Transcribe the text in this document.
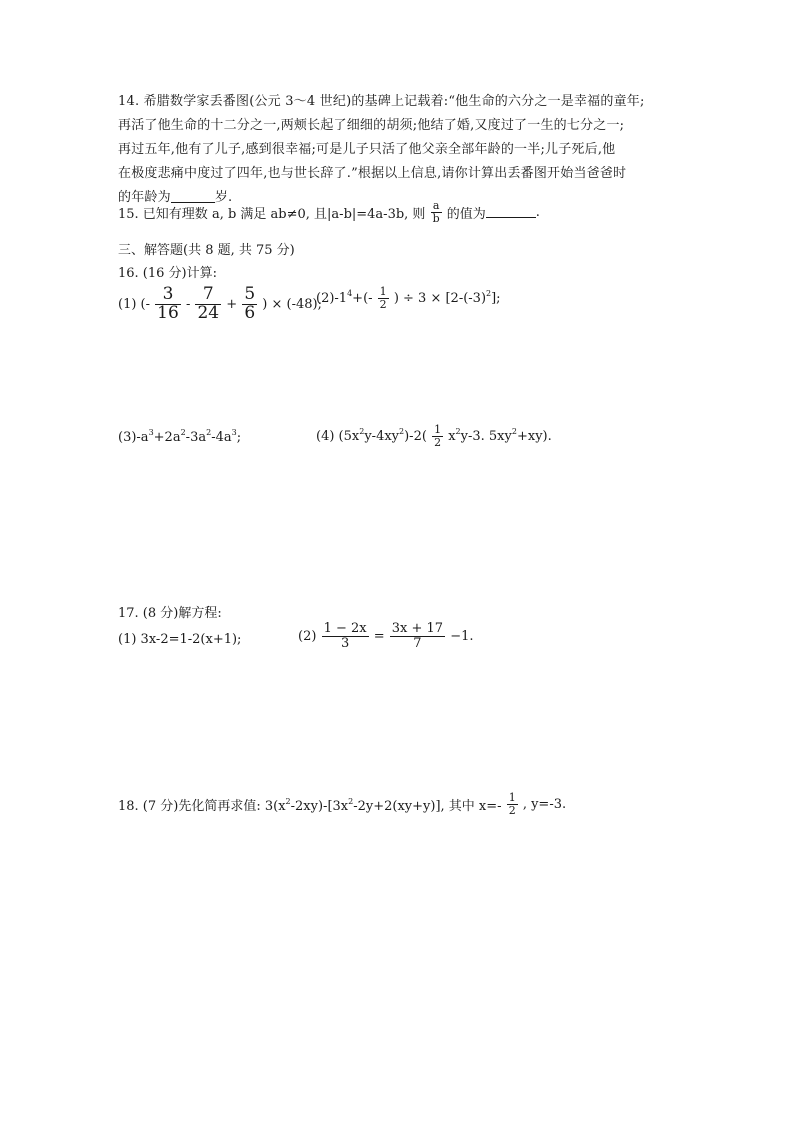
14. 希腊数学家丢番图(公元 3～4 世纪)的基碑上记载着:“他生命的六分之一是幸福的童年;
再活了他生命的十二分之一,两颊长起了细细的胡须;他结了婚,又度过了一生的七分之一;
再过五年,他有了儿子,感到很幸福;可是儿子只活了他父亲全部年龄的一半;儿子死后,他
在极度悲痛中度过了四年,也与世长辞了.”根据以上信息,请你计算出丢番图开始当爸爸时
的年龄为	岁.
15. 已知有理数 a, b 满足 ab≠0, 且|a-b|=4a-3b, 则 $\frac{a}{b}$ 的值为	.
三、解答题(共 8 题, 共 75 分)
16. (16 分)计算:
(1) (- $\frac{3}{16} - \frac{7}{24} + \frac{5}{6}$ ) × (-48);
$(2)-1^4+(- \frac{1}{2}$ ) ÷ $3 \times [2-(-3)^2]$;
$(3)-a^3+2a^2-3a^2-4a^3$;	(4) $(5x^2y-4xy^2)-2( \frac{1}{2} x^2y-3$. $5xy^2+xy$).
17. (8 分)解方程:
(1) 3x-2=1-2(x+1);	$(2) \frac{1 - 2x}{3} = \frac{3x + 17}{7} -1$.
18. (7 分)先化简再求值: $3(x^2-2xy)-[3x^2-2y+2(xy+y)]$, 其中 $x=- \frac{1}{2}$ , y=-3.
